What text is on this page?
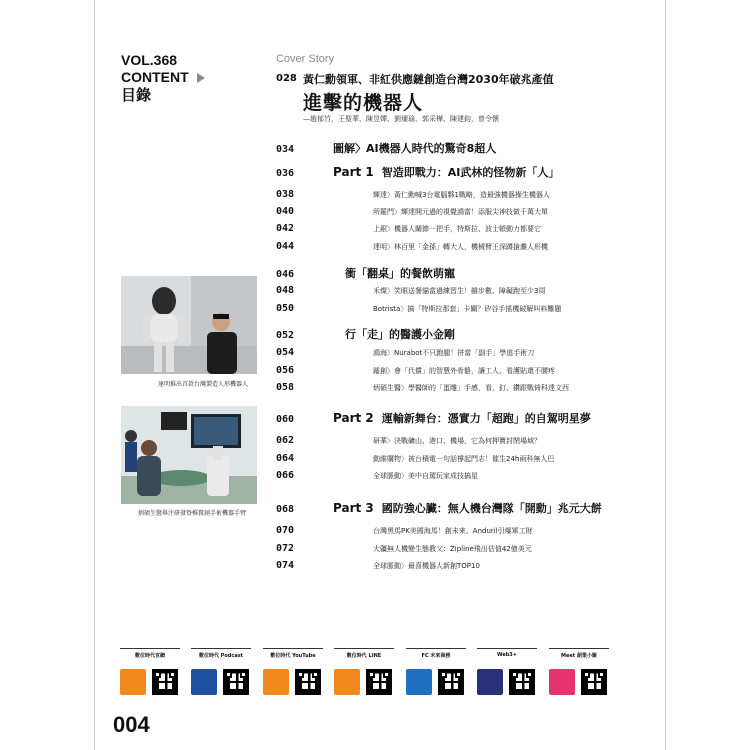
VOL.368
CONTENT
目錄
Cover Story
028 黃仁勳領軍、非紅供應鏈創造台灣2030年破兆產值
進擊的機器人
—趙郁竹，王聖華、陳昱嬋、劉燿瑜、郭采樺、陳建鈞，曾令懷
034	圖解〉AI機器人時代的驚奇8超人
036	Part 1 智造即戰力：AI武林的怪物新「人」
038	輝達〉黃仁勳喊3台電腦夥1戰略，造最強機器操生機器人
040	所羅門〉輝達開元過的視覺鴻當！添服尖神技做千萬大單
042	上銀〉機器人關節一把手，特斯拉、波士頓動力都要它
044	達明〉林百里「金孫」轉大人，機械臂王深蹲搶灘人形機
046	衝「翻桌」的餐飲萌寵
048	禾燦〉笑眼送餐貓當過練習生！雖步數、障礙跑至少3周
050	Botrista〉搞「特斯拉那套」卡關？矽谷手搖機破解叫料難題
052	行「走」的醫護小金剛
054	鴻海〉Nurabot不只跑腿！拼當「副手」學逃手術刀
056	鐳創〉會「代償」的智慧外骨骼，讓工人、看護貼還不腰疼
058	炳碩生醫〉學醫師的「蛋雕」手感，看、釘、鑽跟戰倚科達文西
060	Part 2 運輸新舞台：憑實力「超跑」的自駕明星夢
062	研華〉決戰礦山、港口、機場，它為何押寶封閉場域？
064	動維購物〉被台積電一句話撐起門志！催生24h兩科無人巴
066	全球脈動〉美中自駕玩家成技搞星
068	Part 3 國防強心臟：無人機台灣隊「開動」兆元大餅
070	台灣黑馬PK美國海馬！創未來、Anduril引爆軍工財
072	大疆無人機變生態教父：Zipline飛出估值42億美元
074	全球脈動〉最喜機器人新創TOP10
達明推出首款台灣製造人形機器人
炳碩生醫畢注研發脊椎微創手術機器手臂
數位時代官網	數位時代 Podcast	數位時代 YouTube	數位時代 LINE	FC 未來商務	Web3+	Meet 創業小聚
004
